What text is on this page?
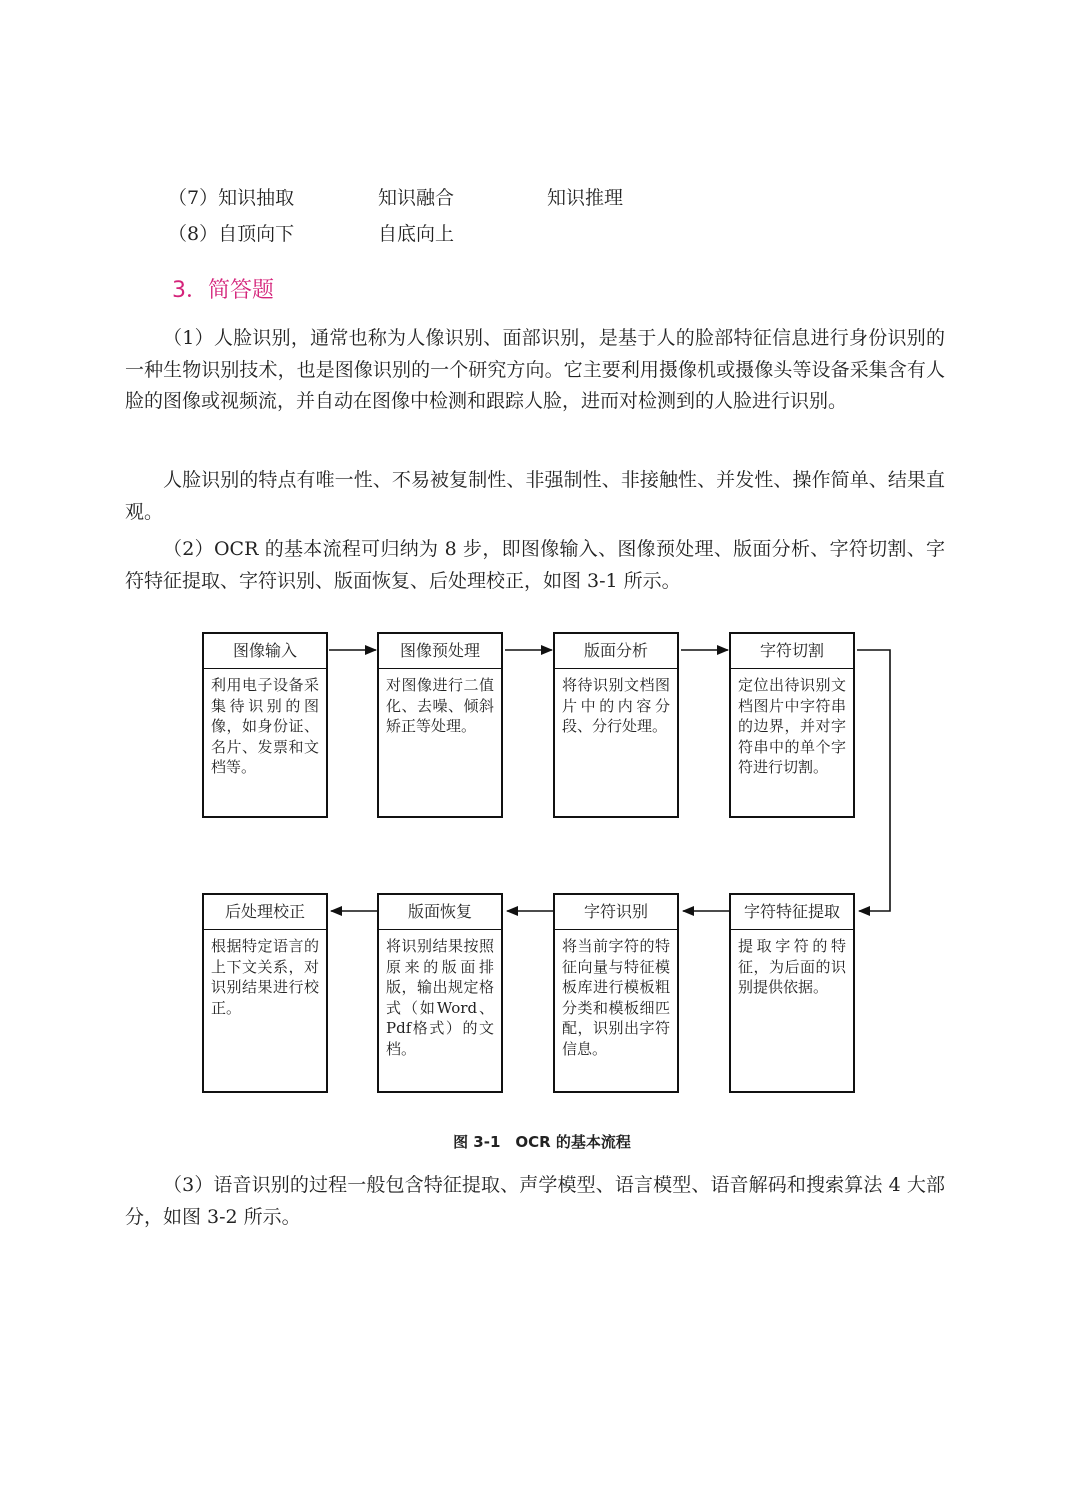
（7）知识抽取	知识融合	知识推理
（8）自顶向下	自底向上
3．简答题
（1）人脸识别，通常也称为人像识别、面部识别，是基于人的脸部特征信息进行身份识别的一种生物识别技术，也是图像识别的一个研究方向。它主要利用摄像机或摄像头等设备采集含有人脸的图像或视频流，并自动在图像中检测和跟踪人脸，进而对检测到的人脸进行识别。
人脸识别的特点有唯一性、不易被复制性、非强制性、非接触性、并发性、操作简单、结果直观。
（2）OCR 的基本流程可归纳为 8 步，即图像输入、图像预处理、版面分析、字符切割、字符特征提取、字符识别、版面恢复、后处理校正，如图 3-1 所示。
图像输入
利用电子设备采集待识别的图像，如身份证、名片、发票和文档等。
图像预处理
对图像进行二值化、去噪、倾斜矫正等处理。
版面分析
将待识别文档图片中的内容分段、分行处理。
字符切割
定位出待识别文档图片中字符串的边界，并对字符串中的单个字符进行切割。
字符特征提取
提取字符的特征，为后面的识别提供依据。
字符识别
将当前字符的特征向量与特征模板库进行模板粗分类和模板细匹配，识别出字符信息。
版面恢复
将识别结果按照原来的版面排版，输出规定格式（如Word、Pdf格式）的文档。
后处理校正
根据特定语言的上下文关系，对识别结果进行校正。
图 3-1　OCR 的基本流程
（3）语音识别的过程一般包含特征提取、声学模型、语言模型、语音解码和搜索算法 4 大部分，如图 3-2 所示。
